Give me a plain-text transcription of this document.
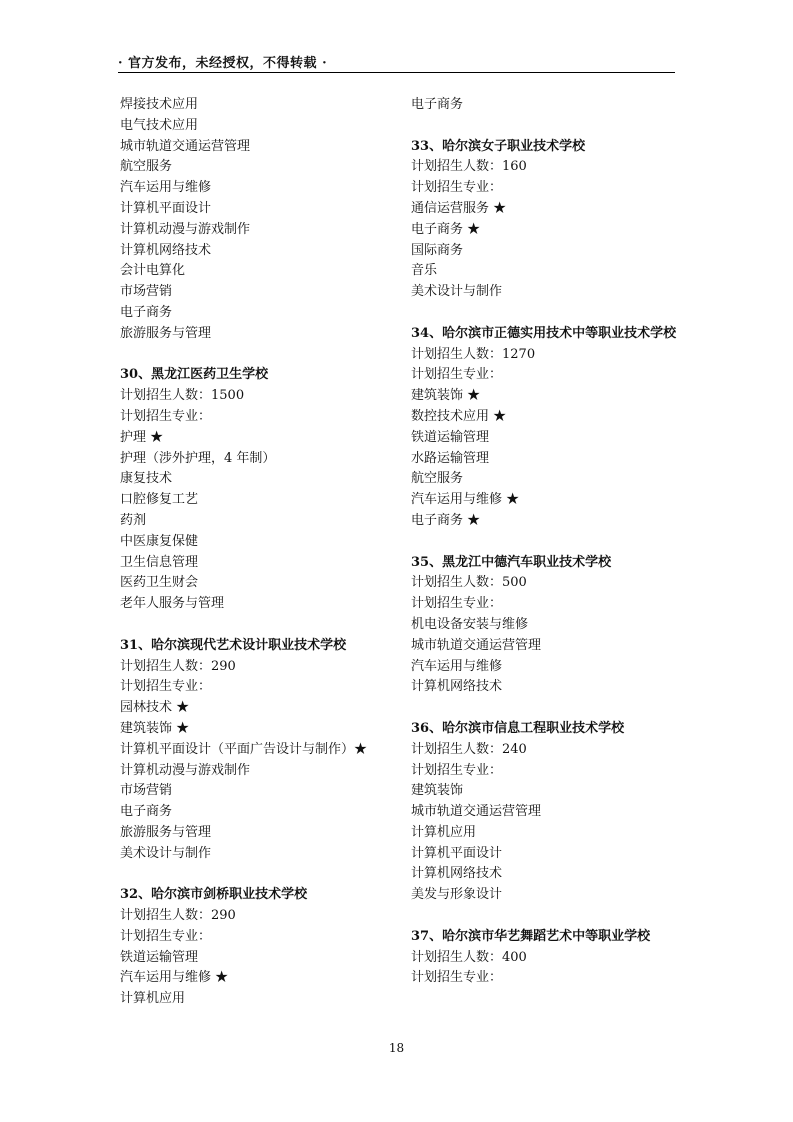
· 官方发布，未经授权，不得转载 ·
焊接技术应用
电气技术应用
城市轨道交通运营管理
航空服务
汽车运用与维修
计算机平面设计
计算机动漫与游戏制作
计算机网络技术
会计电算化
市场营销
电子商务
旅游服务与管理
30、黑龙江医药卫生学校
计划招生人数：1500
计划招生专业：
护理 ★
护理（涉外护理，4 年制）
康复技术
口腔修复工艺
药剂
中医康复保健
卫生信息管理
医药卫生财会
老年人服务与管理
31、哈尔滨现代艺术设计职业技术学校
计划招生人数：290
计划招生专业：
园林技术 ★
建筑装饰 ★
计算机平面设计（平面广告设计与制作）★
计算机动漫与游戏制作
市场营销
电子商务
旅游服务与管理
美术设计与制作
32、哈尔滨市剑桥职业技术学校
计划招生人数：290
计划招生专业：
铁道运输管理
汽车运用与维修 ★
计算机应用
电子商务
33、哈尔滨女子职业技术学校
计划招生人数：160
计划招生专业：
通信运营服务 ★
电子商务 ★
国际商务
音乐
美术设计与制作
34、哈尔滨市正德实用技术中等职业技术学校
计划招生人数：1270
计划招生专业：
建筑装饰 ★
数控技术应用 ★
铁道运输管理
水路运输管理
航空服务
汽车运用与维修 ★
电子商务 ★
35、黑龙江中德汽车职业技术学校
计划招生人数：500
计划招生专业：
机电设备安装与维修
城市轨道交通运营管理
汽车运用与维修
计算机网络技术
36、哈尔滨市信息工程职业技术学校
计划招生人数：240
计划招生专业：
建筑装饰
城市轨道交通运营管理
计算机应用
计算机平面设计
计算机网络技术
美发与形象设计
37、哈尔滨市华艺舞蹈艺术中等职业学校
计划招生人数：400
计划招生专业：
18
